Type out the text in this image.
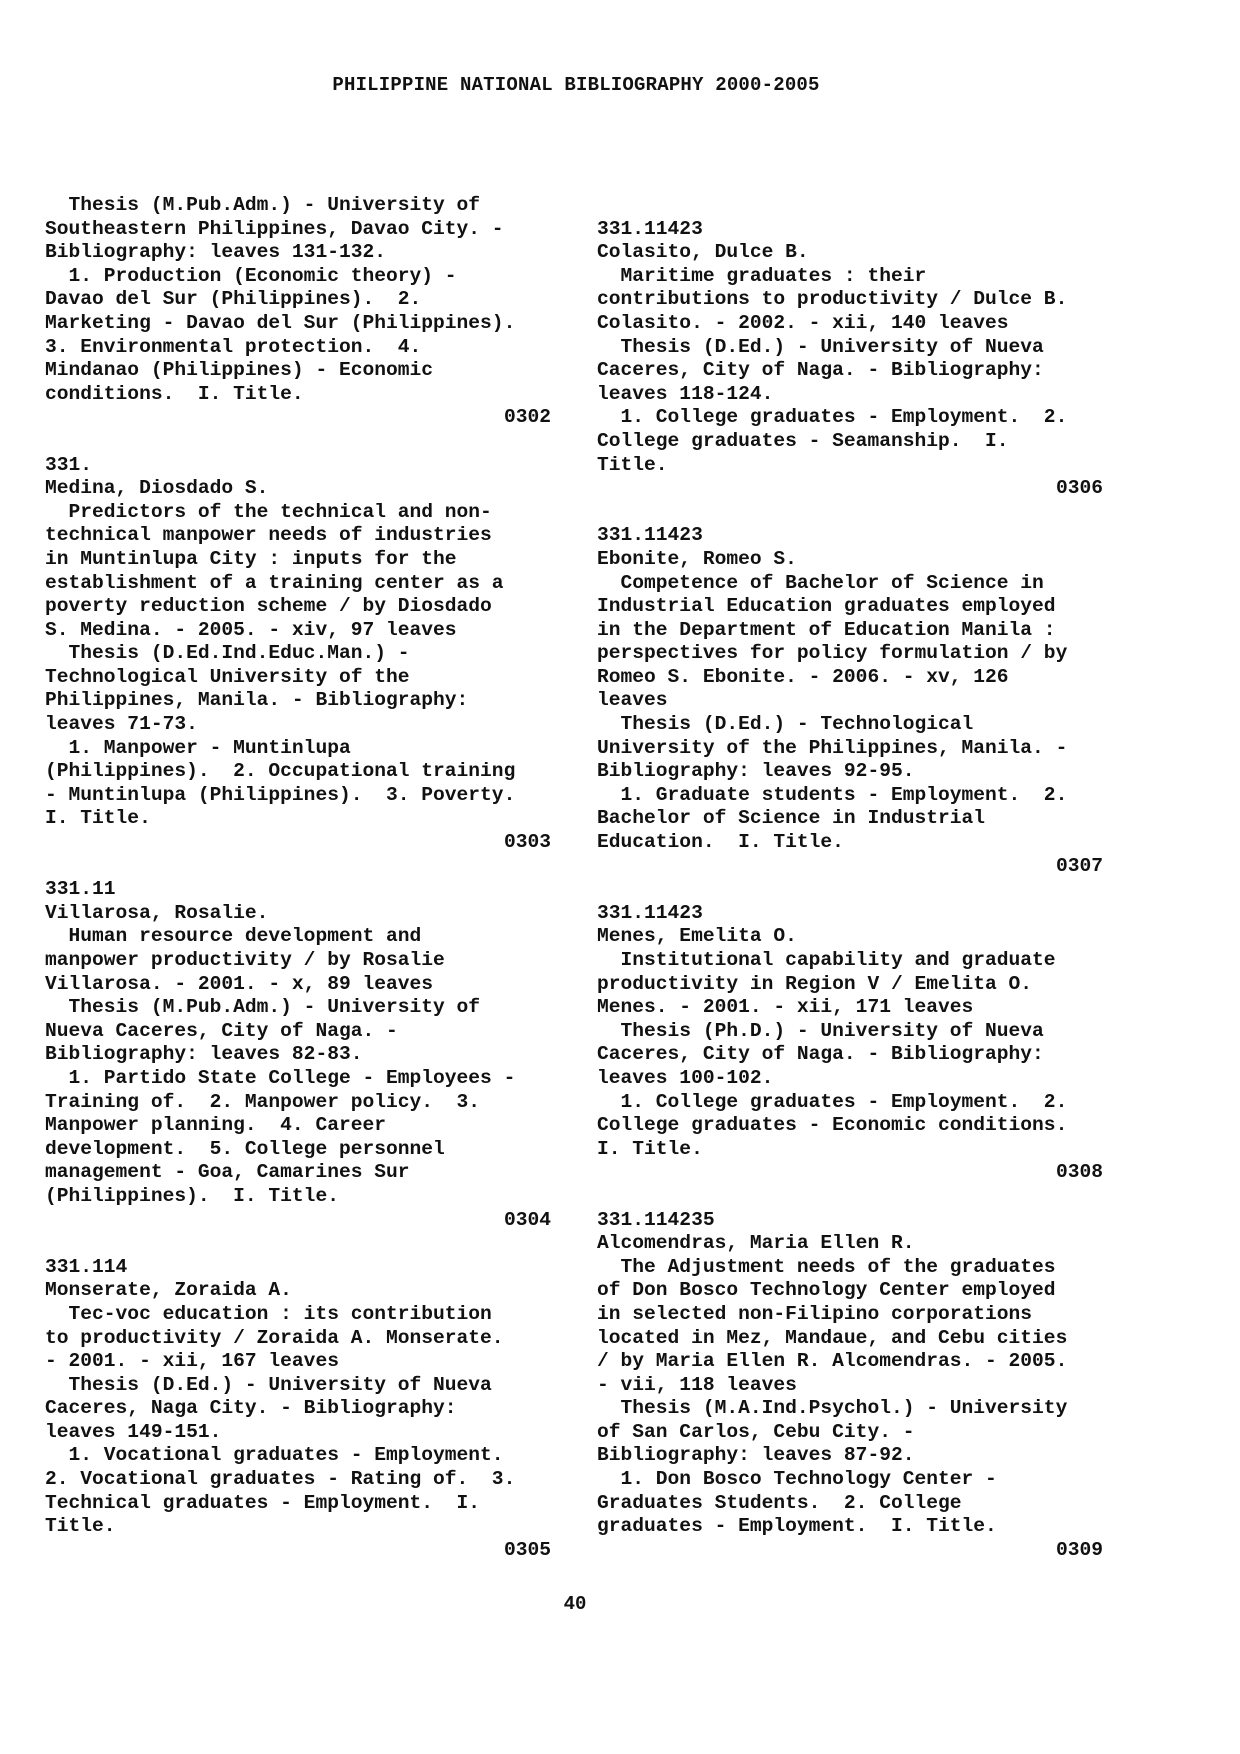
PHILIPPINE NATIONAL BIBLIOGRAPHY 2000-2005
Thesis (M.Pub.Adm.) - University of
Southeastern Philippines, Davao City. -
Bibliography: leaves 131-132.
1. Production (Economic theory) -
Davao del Sur (Philippines).  2.
Marketing - Davao del Sur (Philippines).
3. Environmental protection.  4.
Mindanao (Philippines) - Economic
conditions.  I. Title.
0302
331.
Medina, Diosdado S.
Predictors of the technical and non-
technical manpower needs of industries
in Muntinlupa City : inputs for the
establishment of a training center as a
poverty reduction scheme / by Diosdado
S. Medina. - 2005. - xiv, 97 leaves
Thesis (D.Ed.Ind.Educ.Man.) -
Technological University of the
Philippines, Manila. - Bibliography:
leaves 71-73.
1. Manpower - Muntinlupa
(Philippines).  2. Occupational training
- Muntinlupa (Philippines).  3. Poverty.
I. Title.
0303
331.11
Villarosa, Rosalie.
Human resource development and
manpower productivity / by Rosalie
Villarosa. - 2001. - x, 89 leaves
Thesis (M.Pub.Adm.) - University of
Nueva Caceres, City of Naga. -
Bibliography: leaves 82-83.
1. Partido State College - Employees -
Training of.  2. Manpower policy.  3.
Manpower planning.  4. Career
development.  5. College personnel
management - Goa, Camarines Sur
(Philippines).  I. Title.
0304
331.114
Monserate, Zoraida A.
Tec-voc education : its contribution
to productivity / Zoraida A. Monserate.
- 2001. - xii, 167 leaves
Thesis (D.Ed.) - University of Nueva
Caceres, Naga City. - Bibliography:
leaves 149-151.
1. Vocational graduates - Employment.
2. Vocational graduates - Rating of.  3.
Technical graduates - Employment.  I.
Title.
0305
331.11423
Colasito, Dulce B.
Maritime graduates : their
contributions to productivity / Dulce B.
Colasito. - 2002. - xii, 140 leaves
Thesis (D.Ed.) - University of Nueva
Caceres, City of Naga. - Bibliography:
leaves 118-124.
1. College graduates - Employment.  2.
College graduates - Seamanship.  I.
Title.
0306
331.11423
Ebonite, Romeo S.
Competence of Bachelor of Science in
Industrial Education graduates employed
in the Department of Education Manila :
perspectives for policy formulation / by
Romeo S. Ebonite. - 2006. - xv, 126
leaves
Thesis (D.Ed.) - Technological
University of the Philippines, Manila. -
Bibliography: leaves 92-95.
1. Graduate students - Employment.  2.
Bachelor of Science in Industrial
Education.  I. Title.
0307
331.11423
Menes, Emelita O.
Institutional capability and graduate
productivity in Region V / Emelita O.
Menes. - 2001. - xii, 171 leaves
Thesis (Ph.D.) - University of Nueva
Caceres, City of Naga. - Bibliography:
leaves 100-102.
1. College graduates - Employment.  2.
College graduates - Economic conditions.
I. Title.
0308
331.114235
Alcomendras, Maria Ellen R.
The Adjustment needs of the graduates
of Don Bosco Technology Center employed
in selected non-Filipino corporations
located in Mez, Mandaue, and Cebu cities
/ by Maria Ellen R. Alcomendras. - 2005.
- vii, 118 leaves
Thesis (M.A.Ind.Psychol.) - University
of San Carlos, Cebu City. -
Bibliography: leaves 87-92.
1. Don Bosco Technology Center -
Graduates Students.  2. College
graduates - Employment.  I. Title.
0309
40
